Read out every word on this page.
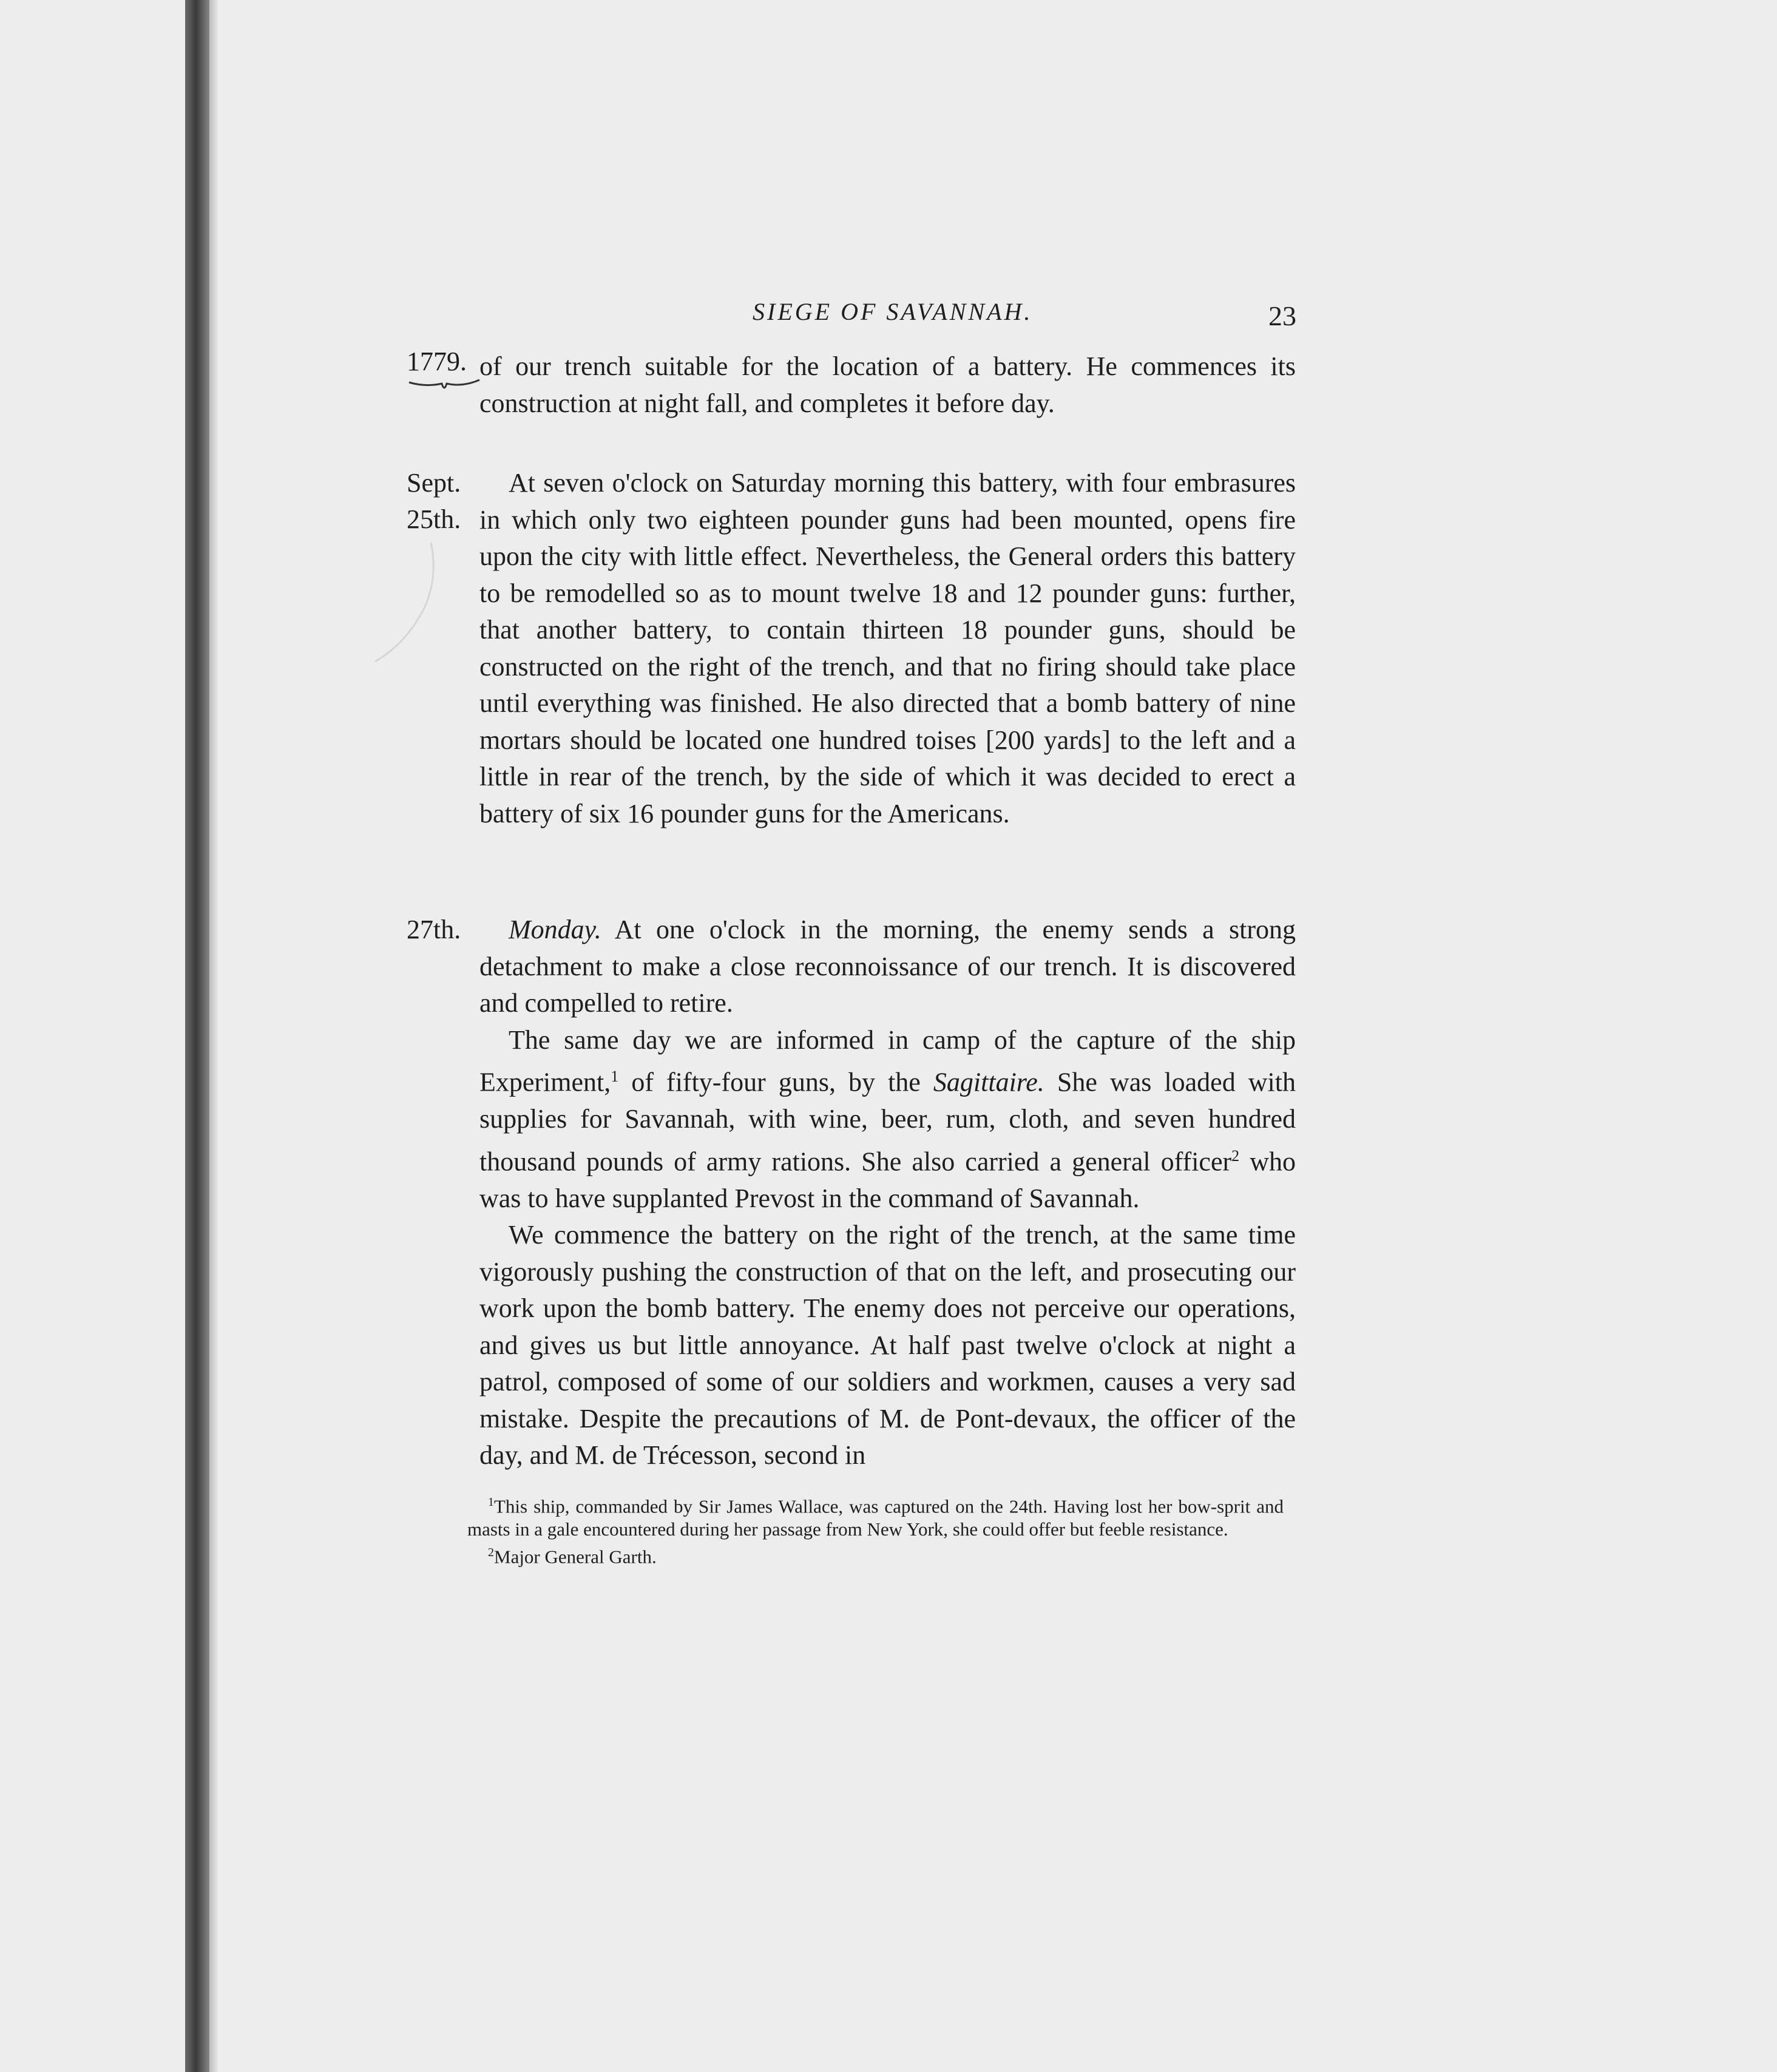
SIEGE OF SAVANNAH.	23
1779. of our trench suitable for the location of a battery. He commences its construction at night fall, and completes it before day.

Sept.
25th.

At seven o'clock on Saturday morning this battery, with four embrasures in which only two eighteen pounder guns had been mounted, opens fire upon the city with little effect. Nevertheless, the General orders this battery to be remodelled so as to mount twelve 18 and 12 pounder guns: further, that another battery, to contain thirteen 18 pounder guns, should be constructed on the right of the trench, and that no firing should take place until everything was finished. He also directed that a bomb battery of nine mortars should be located one hundred toises [200 yards] to the left and a little in rear of the trench, by the side of which it was decided to erect a battery of six 16 pounder guns for the Americans.

27th.	Monday. At one o'clock in the morning, the enemy sends a strong detachment to make a close reconnoissance of our trench. It is discovered and compelled to retire.

The same day we are informed in camp of the capture of the ship Experiment,$^1$ of fifty-four guns, by the Sagittaire. She was loaded with supplies for Savannah, with wine, beer, rum, cloth, and seven hundred thousand pounds of army rations. She also carried a general officer$^2$ who was to have supplanted Prevost in the command of Savannah.

We commence the battery on the right of the trench, at the same time vigorously pushing the construction of that on the left, and prosecuting our work upon the bomb battery. The enemy does not perceive our operations, and gives us but little annoyance. At half past twelve o'clock at night a patrol, composed of some of our soldiers and workmen, causes a very sad mistake. Despite the precautions of M. de Pont-devaux, the officer of the day, and M. de Trécesson, second in

$^1$This ship, commanded by Sir James Wallace, was captured on the 24th. Having lost her bow-sprit and masts in a gale encountered during her passage from New York, she could offer but feeble resistance.

$^2$Major General Garth.
